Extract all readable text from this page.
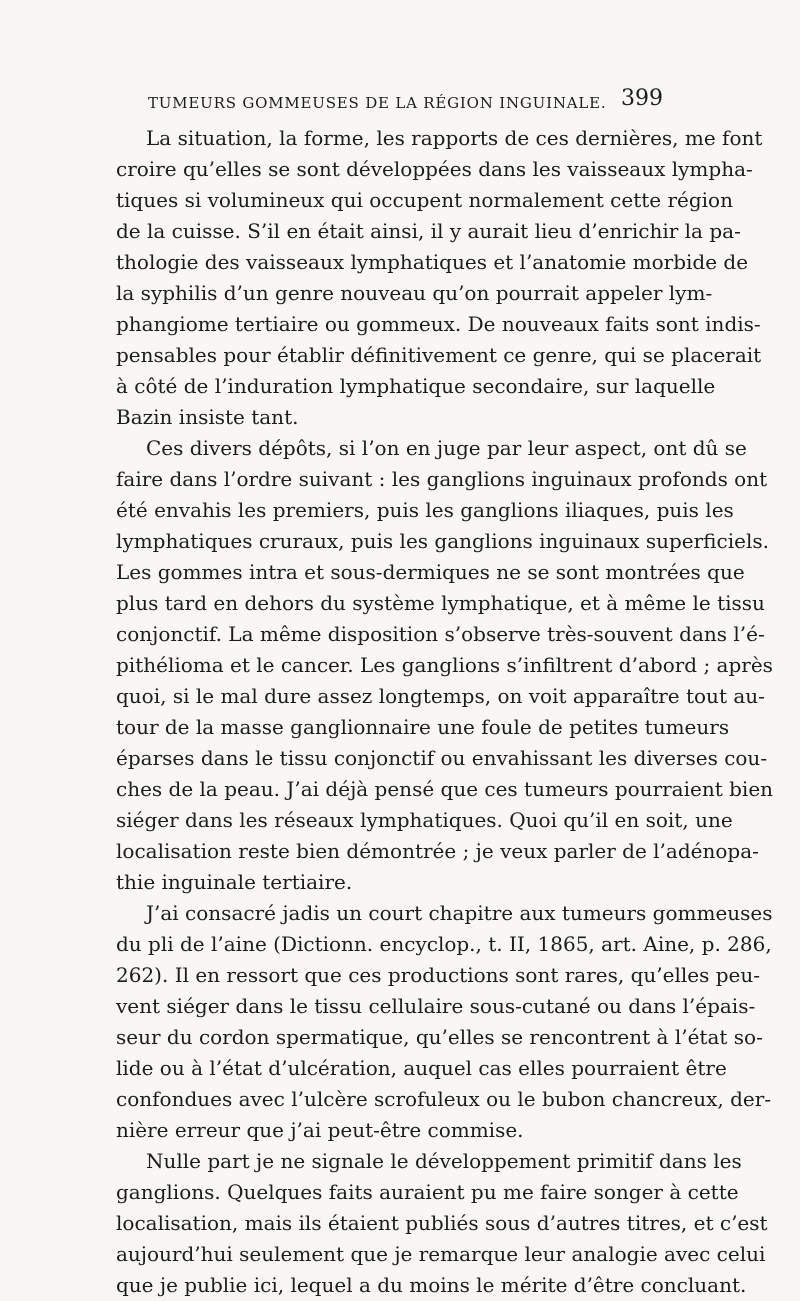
TUMEURS GOMMEUSES DE LA RÉGION INGUINALE. 399
La situation, la forme, les rapports de ces dernières, me font
croire qu’elles se sont développées dans les vaisseaux lympha-
tiques si volumineux qui occupent normalement cette région
de la cuisse. S’il en était ainsi, il y aurait lieu d’enrichir la pa-
thologie des vaisseaux lymphatiques et l’anatomie morbide de
la syphilis d’un genre nouveau qu’on pourrait appeler lym-
phangiome tertiaire ou gommeux. De nouveaux faits sont indis-
pensables pour établir définitivement ce genre, qui se placerait
à côté de l’induration lymphatique secondaire, sur laquelle
Bazin insiste tant.
Ces divers dépôts, si l’on en juge par leur aspect, ont dû se
faire dans l’ordre suivant : les ganglions inguinaux profonds ont
été envahis les premiers, puis les ganglions iliaques, puis les
lymphatiques cruraux, puis les ganglions inguinaux superficiels.
Les gommes intra et sous-dermiques ne se sont montrées que
plus tard en dehors du système lymphatique, et à même le tissu
conjonctif. La même disposition s’observe très-souvent dans l’é-
pithélioma et le cancer. Les ganglions s’infiltrent d’abord ; après
quoi, si le mal dure assez longtemps, on voit apparaître tout au-
tour de la masse ganglionnaire une foule de petites tumeurs
éparses dans le tissu conjonctif ou envahissant les diverses cou-
ches de la peau. J’ai déjà pensé que ces tumeurs pourraient bien
siéger dans les réseaux lymphatiques. Quoi qu’il en soit, une
localisation reste bien démontrée ; je veux parler de l’adénopa-
thie inguinale tertiaire.
J’ai consacré jadis un court chapitre aux tumeurs gommeuses
du pli de l’aine (Dictionn. encyclop., t. II, 1865, art. Aine, p. 286,
262). Il en ressort que ces productions sont rares, qu’elles peu-
vent siéger dans le tissu cellulaire sous-cutané ou dans l’épais-
seur du cordon spermatique, qu’elles se rencontrent à l’état so-
lide ou à l’état d’ulcération, auquel cas elles pourraient être
confondues avec l’ulcère scrofuleux ou le bubon chancreux, der-
nière erreur que j’ai peut-être commise.
Nulle part je ne signale le développement primitif dans les
ganglions. Quelques faits auraient pu me faire songer à cette
localisation, mais ils étaient publiés sous d’autres titres, et c’est
aujourd’hui seulement que je remarque leur analogie avec celui
que je publie ici, lequel a du moins le mérite d’être concluant.
